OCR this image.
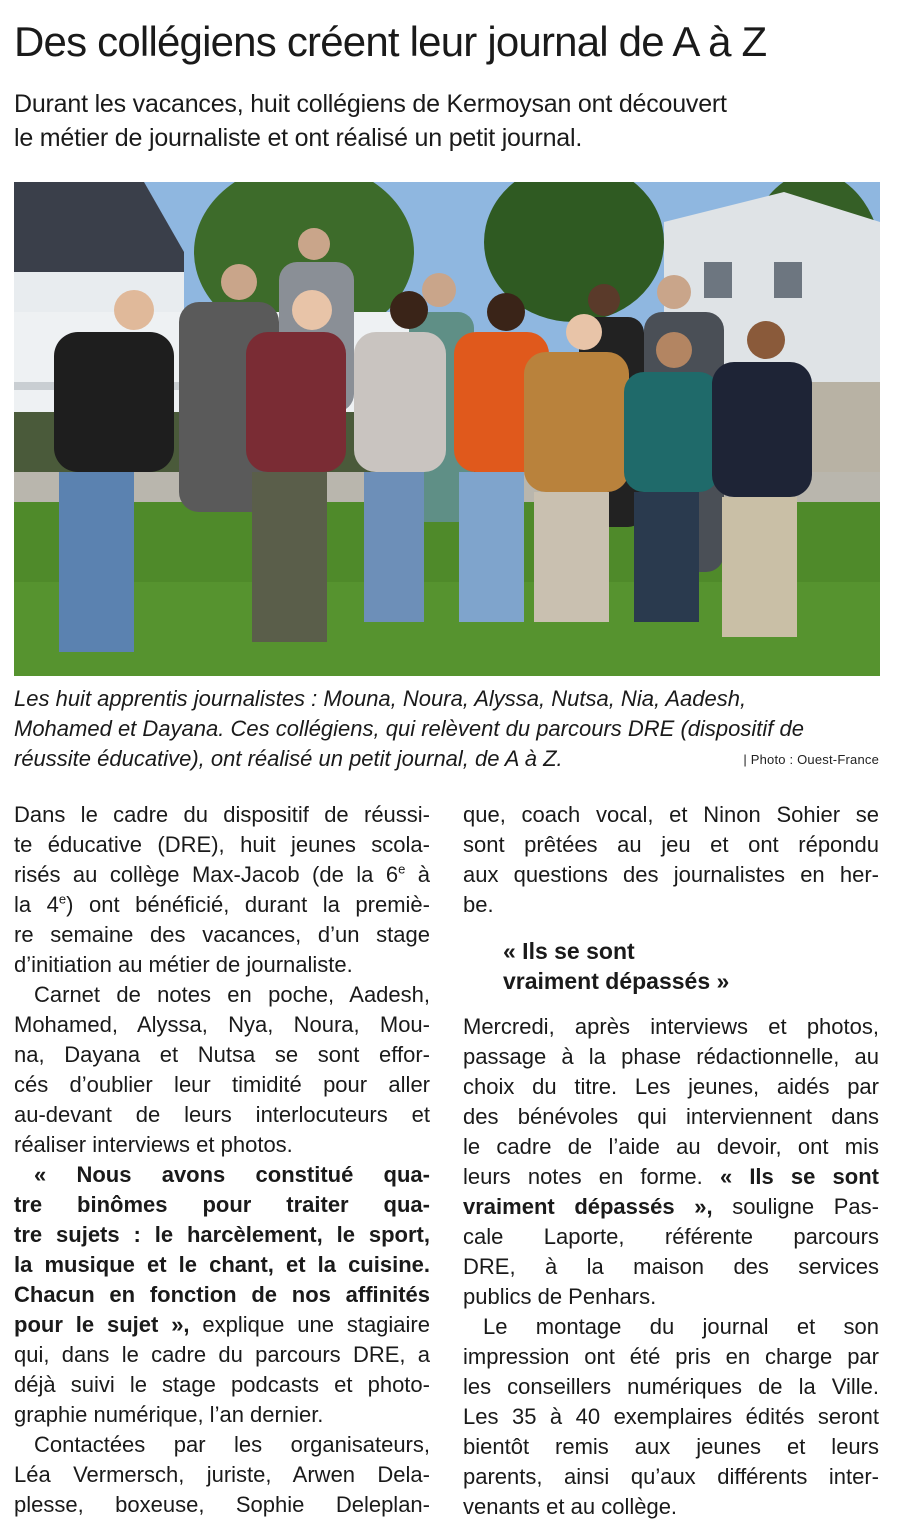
Des collégiens créent leur journal de A à Z
Durant les vacances, huit collégiens de Kermoysan ont découvert
le métier de journaliste et ont réalisé un petit journal.
Les huit apprentis journalistes : Mouna, Noura, Alyssa, Nutsa, Nia, Aadesh,
Mohamed et Dayana. Ces collégiens, qui relèvent du parcours DRE (dispositif de
réussite éducative), ont réalisé un petit journal, de A à Z.	| Photo : Ouest-France

Dans le cadre du dispositif de réussi-
te éducative (DRE), huit jeunes scola-
risés au collège Max-Jacob (de la 6e à
la 4e) ont bénéficié, durant la premiè-
re semaine des vacances, d’un stage
d’initiation au métier de journaliste.

Carnet de notes en poche, Aadesh,
Mohamed, Alyssa, Nya, Noura, Mou-
na, Dayana et Nutsa se sont effor-
cés d’oublier leur timidité pour aller
au-devant de leurs interlocuteurs et
réaliser interviews et photos.

« Nous avons constitué qua-
tre binômes pour traiter qua-
tre sujets : le harcèlement, le sport,
la musique et le chant, et la cuisine.
Chacun en fonction de nos affinités
pour le sujet », explique une stagiaire
qui, dans le cadre du parcours DRE, a
déjà suivi le stage podcasts et photo-
graphie numérique, l’an dernier.

Contactées par les organisateurs,
Léa Vermersch, juriste, Arwen Dela-
plesse, boxeuse, Sophie Deleplan-

que, coach vocal, et Ninon Sohier se
sont prêtées au jeu et ont répondu
aux questions des journalistes en her-
be.

« Ils se sont
vraiment dépassés »

Mercredi, après interviews et photos,
passage à la phase rédactionnelle, au
choix du titre. Les jeunes, aidés par
des bénévoles qui interviennent dans
le cadre de l’aide au devoir, ont mis
leurs notes en forme. « Ils se sont
vraiment dépassés », souligne Pas-
cale Laporte, référente parcours
DRE, à la maison des services
publics de Penhars.

Le montage du journal et son
impression ont été pris en charge par
les conseillers numériques de la Ville.
Les 35 à 40 exemplaires édités seront
bientôt remis aux jeunes et leurs
parents, ainsi qu’aux différents inter-
venants et au collège.
